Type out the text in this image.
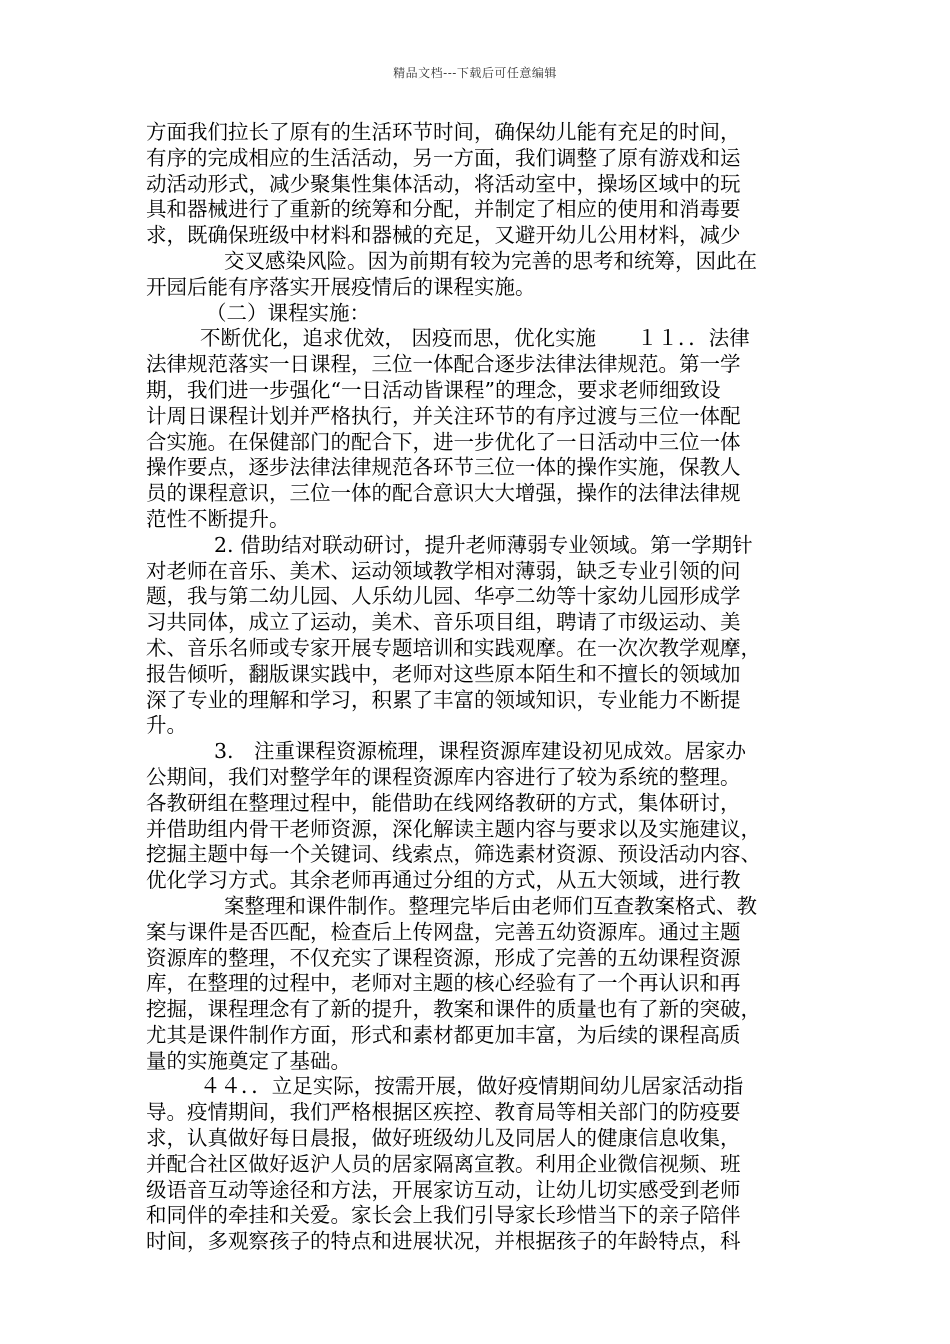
精品文档---下载后可任意编辑
方面我们拉长了原有的生活环节时间，确保幼儿能有充足的时间，
有序的完成相应的生活活动，另一方面，我们调整了原有游戏和运
动活动形式，减少聚集性集体活动，将活动室中，操场区域中的玩
具和器械进行了重新的统筹和分配，并制定了相应的使用和消毒要
求，既确保班级中材料和器械的充足，又避开幼儿公用材料，减少
交叉感染风险。因为前期有较为完善的思考和统筹，因此在
开园后能有序落实开展疫情后的课程实施。
（二）课程实施：
不断优化，追求优效， 因疫而思，优化实施　　１１．．法律
法律规范落实一日课程，三位一体配合逐步法律法律规范。第一学
期，我们进一步强化“一日活动皆课程”的理念，要求老师细致设
计周日课程计划并严格执行，并关注环节的有序过渡与三位一体配
合实施。在保健部门的配合下，进一步优化了一日活动中三位一体
操作要点，逐步法律法律规范各环节三位一体的操作实施，保教人
员的课程意识，三位一体的配合意识大大增强，操作的法律法律规
范性不断提升。
2. 借助结对联动研讨，提升老师薄弱专业领域。第一学期针
对老师在音乐、美术、运动领域教学相对薄弱，缺乏专业引领的问
题，我与第二幼儿园、人乐幼儿园、华亭二幼等十家幼儿园形成学
习共同体，成立了运动，美术、音乐项目组，聘请了市级运动、美
术、音乐名师或专家开展专题培训和实践观摩。在一次次教学观摩，
报告倾听，翻版课实践中，老师对这些原本陌生和不擅长的领域加
深了专业的理解和学习，积累了丰富的领域知识，专业能力不断提
升。
3.　注重课程资源梳理，课程资源库建设初见成效。居家办
公期间，我们对整学年的课程资源库内容进行了较为系统的整理。
各教研组在整理过程中，能借助在线网络教研的方式，集体研讨，
并借助组内骨干老师资源，深化解读主题内容与要求以及实施建议，
挖掘主题中每一个关键词、线索点，筛选素材资源、预设活动内容、
优化学习方式。其余老师再通过分组的方式，从五大领域，进行教
案整理和课件制作。整理完毕后由老师们互查教案格式、教
案与课件是否匹配，检查后上传网盘，完善五幼资源库。通过主题
资源库的整理，不仅充实了课程资源，形成了完善的五幼课程资源
库，在整理的过程中，老师对主题的核心经验有了一个再认识和再
挖掘，课程理念有了新的提升，教案和课件的质量也有了新的突破，
尤其是课件制作方面，形式和素材都更加丰富，为后续的课程高质
量的实施奠定了基础。
４４．．立足实际，按需开展，做好疫情期间幼儿居家活动指
导。疫情期间，我们严格根据区疾控、教育局等相关部门的防疫要
求，认真做好每日晨报，做好班级幼儿及同居人的健康信息收集，
并配合社区做好返沪人员的居家隔离宣教。利用企业微信视频、班
级语音互动等途径和方法，开展家访互动，让幼儿切实感受到老师
和同伴的牵挂和关爱。家长会上我们引导家长珍惜当下的亲子陪伴
时间，多观察孩子的特点和进展状况，并根据孩子的年龄特点，科
